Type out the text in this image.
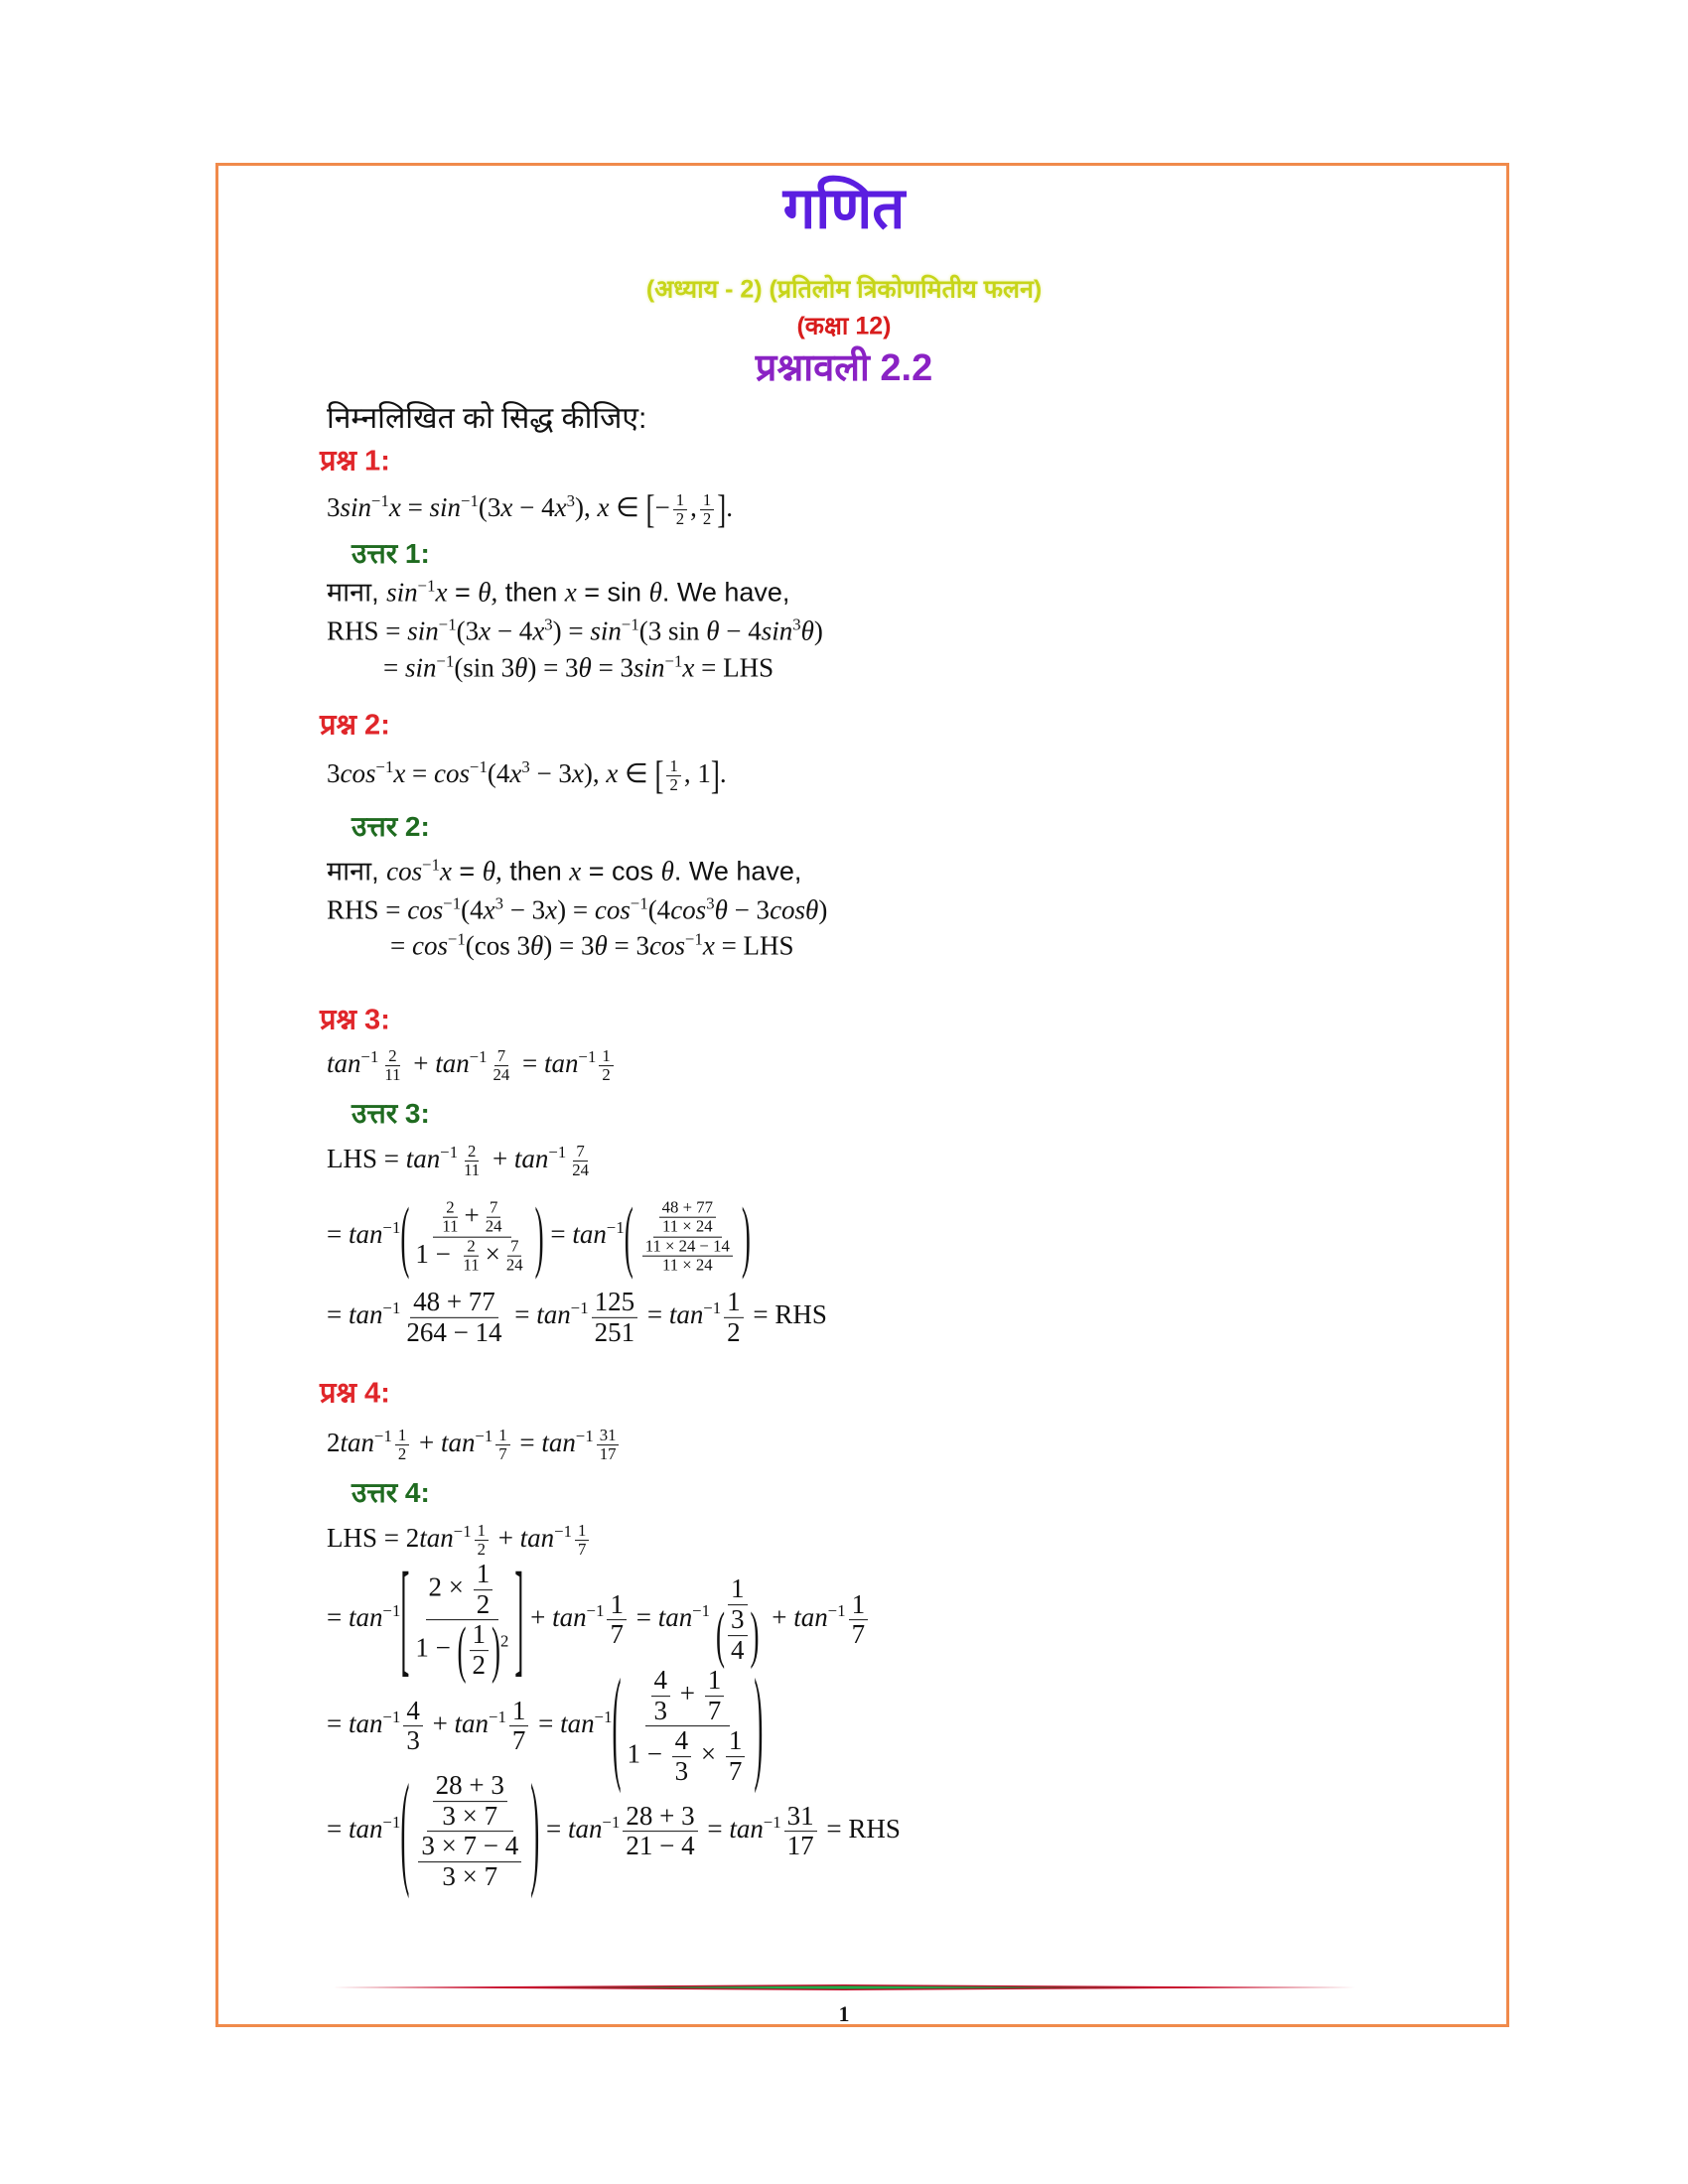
गणित
(अध्याय - 2) (प्रतिलोम त्रिकोणमितीय फलन)
(कक्षा 12)
प्रश्नावली 2.2
निम्नलिखित को सिद्ध कीजिए:
प्रश्न 1:
$3\sin^{-1}x = \sin^{-1}(3x - 4x^3)$, x ∈ [ − $\frac{1}{2}$ , $\frac{1}{2}$ ] .
उत्तर 1:
माना, $\sin^{-1}x = \theta$, then x = sin θ. We have,
RHS = $\sin^{-1}(3x - 4x^3) = \sin^{-1}(3$ $\sin \theta - 4\sin^3\theta$)
= $\sin^{-1}(\sin$ $3\theta) = 3\theta = 3\sin^{-1}x$ = LHS
प्रश्न 2:
$3\cos^{-1}x = \cos^{-1}(4x^3 - 3x)$, x ∈ [ $\frac{1}{2}$ , 1 ] .
उत्तर 2:
माना, $\cos^{-1}x = \theta$, then x = cos θ. We have,
RHS = $\cos^{-1}(4x^3 - 3x) = \cos^{-1}(4\cos^3\theta - 3\cos\theta)$
= $\cos^{-1}(\cos$ $3\theta) = 3\theta = 3\cos^{-1}x$ = LHS
प्रश्न 3:
$\tan^{-1} \frac{2}{11} + \tan^{-1} \frac{7}{24} = \tan^{-1} \frac{1}{2}$
उत्तर 3:
LHS = $\tan^{-1} \frac{2}{11} + \tan^{-1} \frac{7}{24}$
= $\tan^{-1}$ ( $\frac{\frac{2}{11} + \frac{7}{24}}{1 - \frac{2}{11} \times \frac{7}{24}}$ ) = $\tan^{-1}$ ( $\frac{\frac{48 + 77}{11 \times 24}}{\frac{11 \times 24 - 14}{11 \times 24}}$ )
= $\tan^{-1} \frac{48 + 77}{264 - 14} = \tan^{-1} \frac{125}{251} = \tan^{-1} \frac{1}{2}$ = RHS
प्रश्न 4:
$2\tan^{-1} \frac{1}{2} + \tan^{-1} \frac{1}{7} = \tan^{-1} \frac{31}{17}$
उत्तर 4:
LHS = $2\tan^{-1} \frac{1}{2} + \tan^{-1} \frac{1}{7}$
= $\tan^{-1}$ [ $\frac{2 \times \frac{1}{2}}{1 - ( \frac{1}{2} ) ^2}$ ] + $\tan^{-1} \frac{1}{7} = \tan^{-1} \frac{1}{( \frac{3}{4} )} + \tan^{-1} \frac{1}{7}$
= $\tan^{-1} \frac{4}{3} + \tan^{-1} \frac{1}{7} = \tan^{-1}$ ( $\frac{\frac{4}{3} + \frac{1}{7}}{1 - \frac{4}{3} \times \frac{1}{7}}$ )
= $\tan^{-1}$ ( $\frac{\frac{28 + 3}{3 \times 7}}{\frac{3 \times 7 - 4}{3 \times 7}}$ ) = $\tan^{-1} \frac{28 + 3}{21 - 4} = \tan^{-1} \frac{31}{17}$ = RHS
1
